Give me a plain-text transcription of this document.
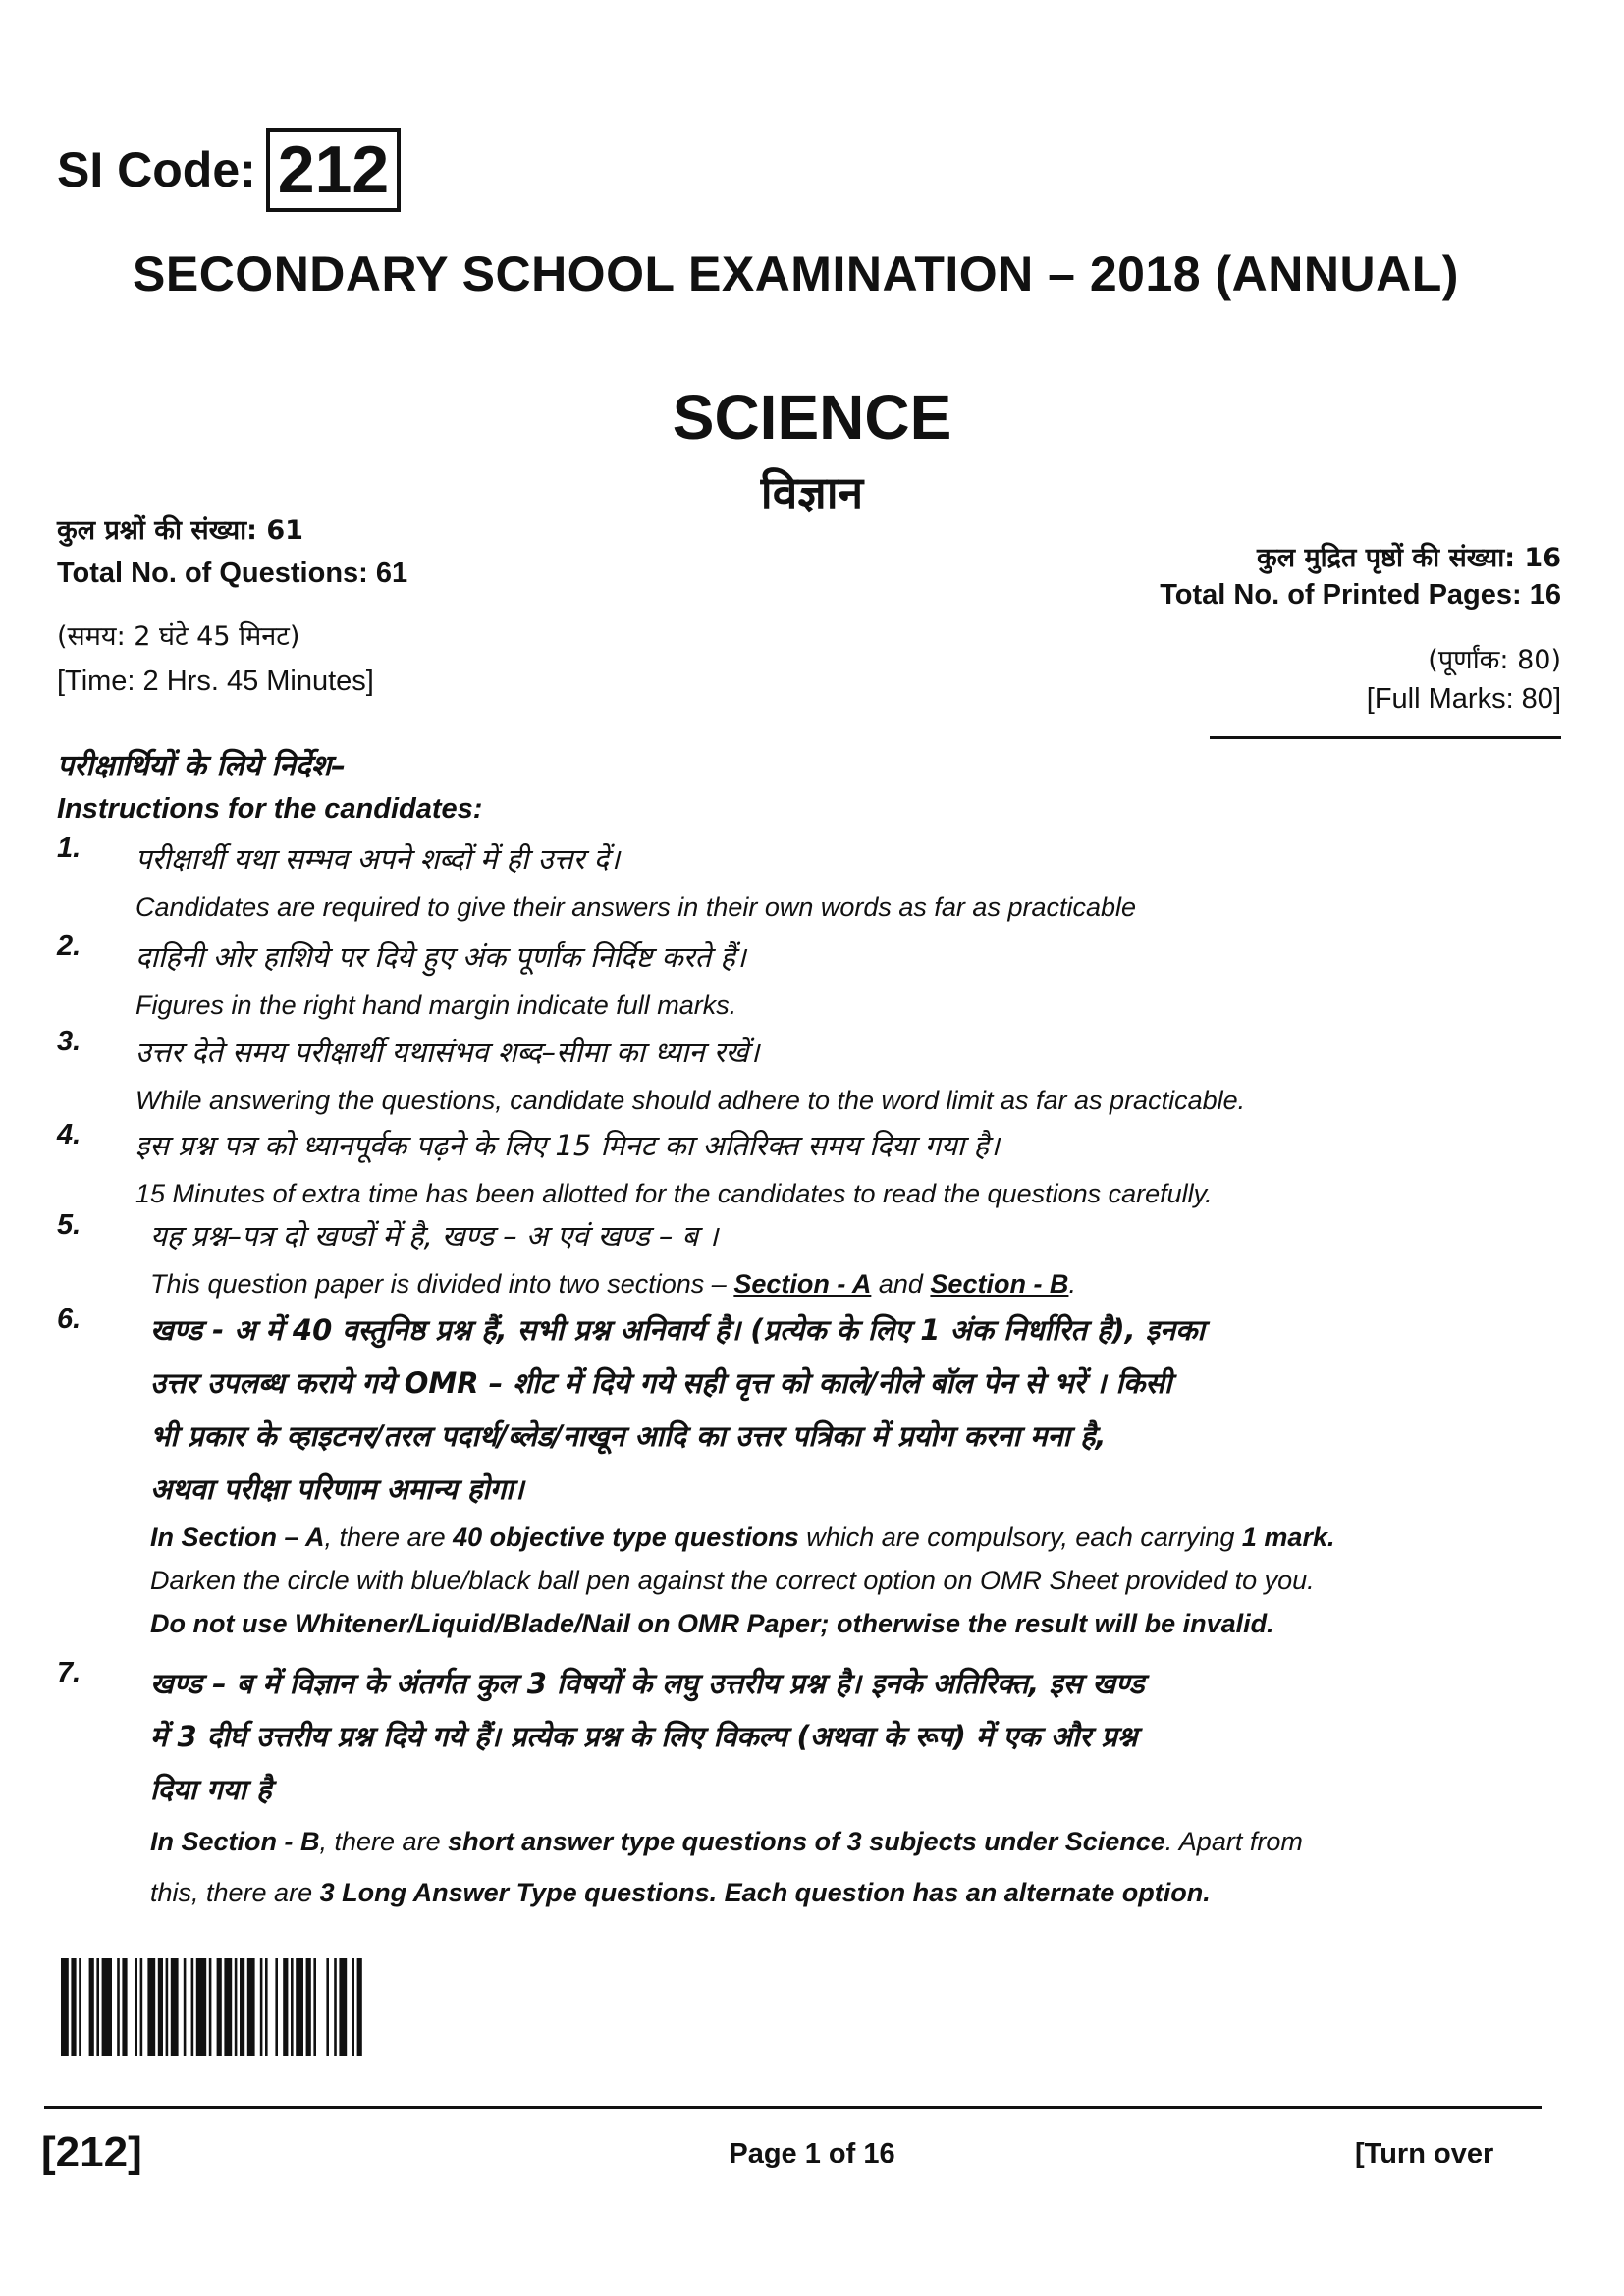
SI Code: 212
SECONDARY SCHOOL EXAMINATION – 2018 (ANNUAL)
SCIENCE
विज्ञान
कुल प्रश्नों की संख्या: 61
Total No. of Questions: 61
(समय: 2 घंटे 45 मिनट)
[Time: 2 Hrs. 45 Minutes]
कुल मुद्रित पृष्ठों की संख्या: 16
Total No. of Printed Pages: 16
(पूर्णांक: 80)
[Full Marks: 80]
परीक्षार्थियों के लिये निर्देश–
Instructions for the candidates:
1. परीक्षार्थी यथा सम्भव अपने शब्दों में ही उत्तर दें।
Candidates are required to give their answers in their own words as far as practicable
2. दाहिनी ओर हाशिये पर दिये हुए अंक पूर्णांक निर्दिष्ट करते हैं।
Figures in the right hand margin indicate full marks.
3. उत्तर देते समय परीक्षार्थी यथासंभव शब्द–सीमा का ध्यान रखें।
While answering the questions, candidate should adhere to the word limit as far as practicable.
4. इस प्रश्न पत्र को ध्यानपूर्वक पढ़ने के लिए 15 मिनट का अतिरिक्त समय दिया गया है।
15 Minutes of extra time has been allotted for the candidates to read the questions carefully.
5. यह प्रश्न–पत्र दो खण्डों में है, खण्ड – अ एवं खण्ड – ब ।
This question paper is divided into two sections – Section - A and Section - B.
6. खण्ड - अ में 40 वस्तुनिष्ठ प्रश्न हैं, सभी प्रश्न अनिवार्य है। (प्रत्येक के लिए 1 अंक निर्धारित है), इनका
उत्तर उपलब्ध कराये गये OMR – शीट में दिये गये सही वृत्त को काले/नीले बॉल पेन से भरें । किसी
भी प्रकार के व्हाइटनर/तरल पदार्थ/ब्लेड/नाखून आदि का उत्तर पत्रिका में प्रयोग करना मना है,
अथवा परीक्षा परिणाम अमान्य होगा।
In Section – A, there are 40 objective type questions which are compulsory, each carrying 1 mark.
Darken the circle with blue/black ball pen against the correct option on OMR Sheet provided to you.
Do not use Whitener/Liquid/Blade/Nail on OMR Paper; otherwise the result will be invalid.
7. खण्ड – ब में विज्ञान के अंतर्गत कुल 3 विषयों के लघु उत्तरीय प्रश्न है। इनके अतिरिक्त, इस खण्ड
में 3 दीर्घ उत्तरीय प्रश्न दिये गये हैं। प्रत्येक प्रश्न के लिए विकल्प (अथवा के रूप) में एक और प्रश्न
दिया गया है
In Section - B, there are short answer type questions of 3 subjects under Science. Apart from
this, there are 3 Long Answer Type questions. Each question has an alternate option.
[212]	Page 1 of 16	[Turn over
